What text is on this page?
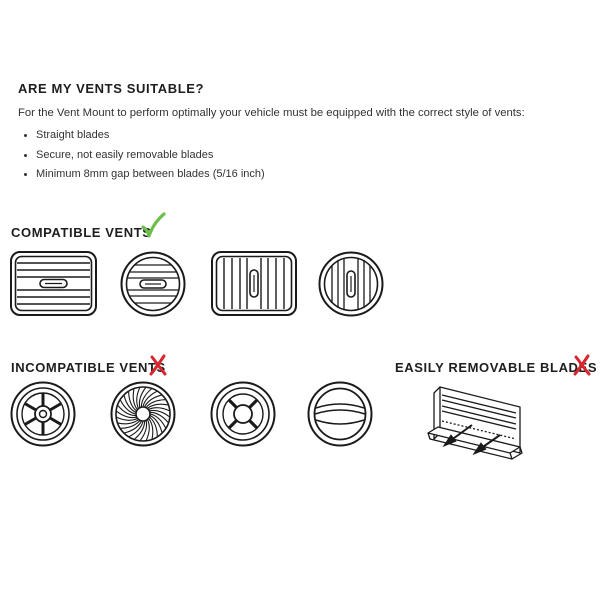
ARE MY VENTS SUITABLE?
For the Vent Mount to perform optimally your vehicle must be equipped with the correct style of vents:
Straight blades
Secure, not easily removable blades
Minimum 8mm gap between blades (5/16 inch)
COMPATIBLE VENTS
INCOMPATIBLE VENTS	EASILY REMOVABLE BLADES
